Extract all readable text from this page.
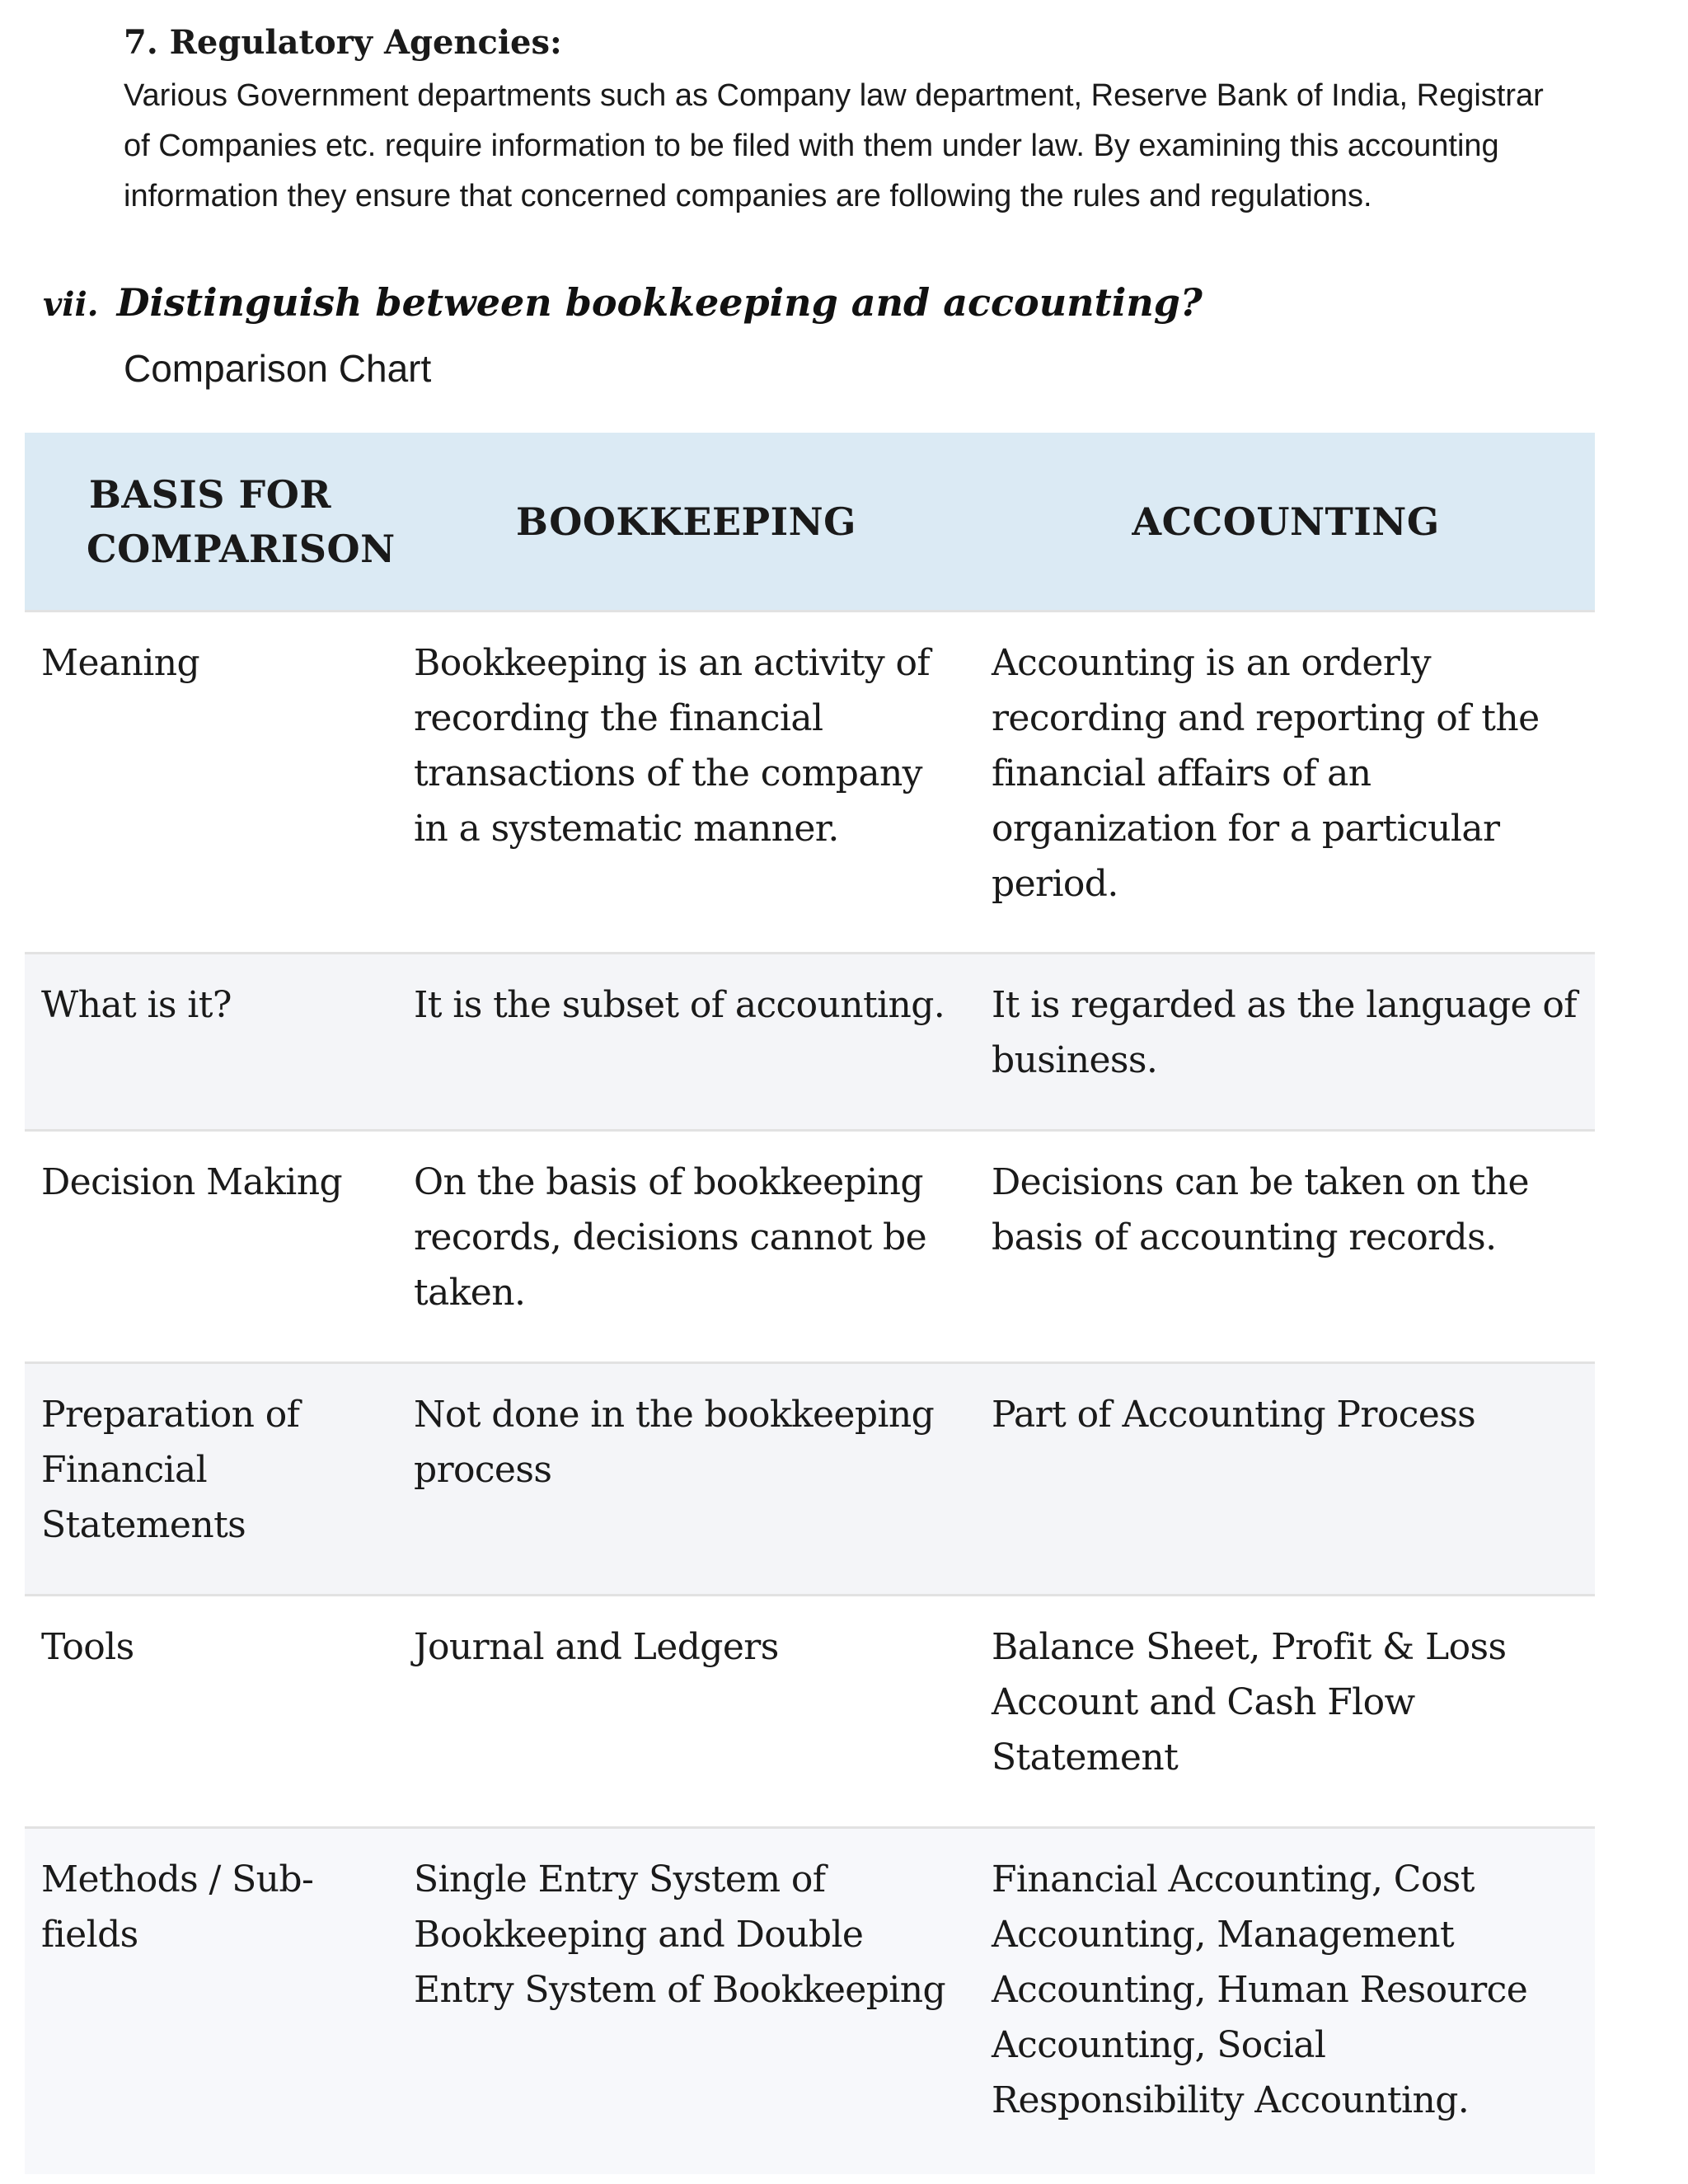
7. Regulatory Agencies:
Various Government departments such as Company law department, Reserve Bank of India, Registrar
of Companies etc. require information to be filed with them under law. By examining this accounting
information they ensure that concerned companies are following the rules and regulations.
vii. Distinguish between bookkeeping and accounting?
Comparison Chart
BASIS FOR COMPARISON	BOOKKEEPING	ACCOUNTING
Meaning	Bookkeeping is an activity of recording the financial transactions of the company in a systematic manner.	Accounting is an orderly recording and reporting of the financial affairs of an organization for a particular period.
What is it?	It is the subset of accounting.	It is regarded as the language of business.
Decision Making	On the basis of bookkeeping records, decisions cannot be taken.	Decisions can be taken on the basis of accounting records.
Preparation of Financial Statements	Not done in the bookkeeping process	Part of Accounting Process
Tools	Journal and Ledgers	Balance Sheet, Profit & Loss Account and Cash Flow Statement
Methods / Sub-fields	Single Entry System of Bookkeeping and Double Entry System of Bookkeeping	Financial Accounting, Cost Accounting, Management Accounting, Human Resource Accounting, Social Responsibility Accounting.
